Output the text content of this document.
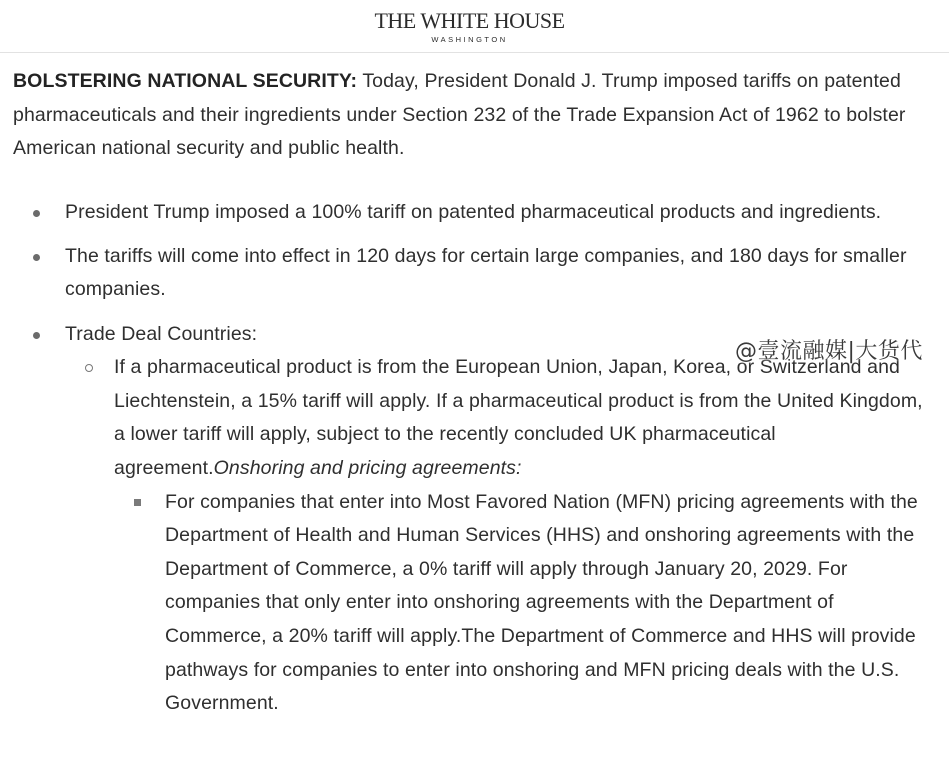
THE WHITE HOUSE
WASHINGTON

BOLSTERING NATIONAL SECURITY: Today, President Donald J. Trump imposed tariffs on patented pharmaceuticals and their ingredients under Section 232 of the Trade Expansion Act of 1962 to bolster American national security and public health.

President Trump imposed a 100% tariff on patented pharmaceutical products and ingredients.
The tariffs will come into effect in 120 days for certain large companies, and 180 days for smaller companies.
Trade Deal Countries:
If a pharmaceutical product is from the European Union, Japan, Korea, or Switzerland and Liechtenstein, a 15% tariff will apply. If a pharmaceutical product is from the United Kingdom, a lower tariff will apply, subject to the recently concluded UK pharmaceutical agreement.Onshoring and pricing agreements:
For companies that enter into Most Favored Nation (MFN) pricing agreements with the Department of Health and Human Services (HHS) and onshoring agreements with the Department of Commerce, a 0% tariff will apply through January 20, 2029. For companies that only enter into onshoring agreements with the Department of Commerce, a 20% tariff will apply.The Department of Commerce and HHS will provide pathways for companies to enter into onshoring and MFN pricing deals with the U.S. Government.
@壹流融媒|大货代
